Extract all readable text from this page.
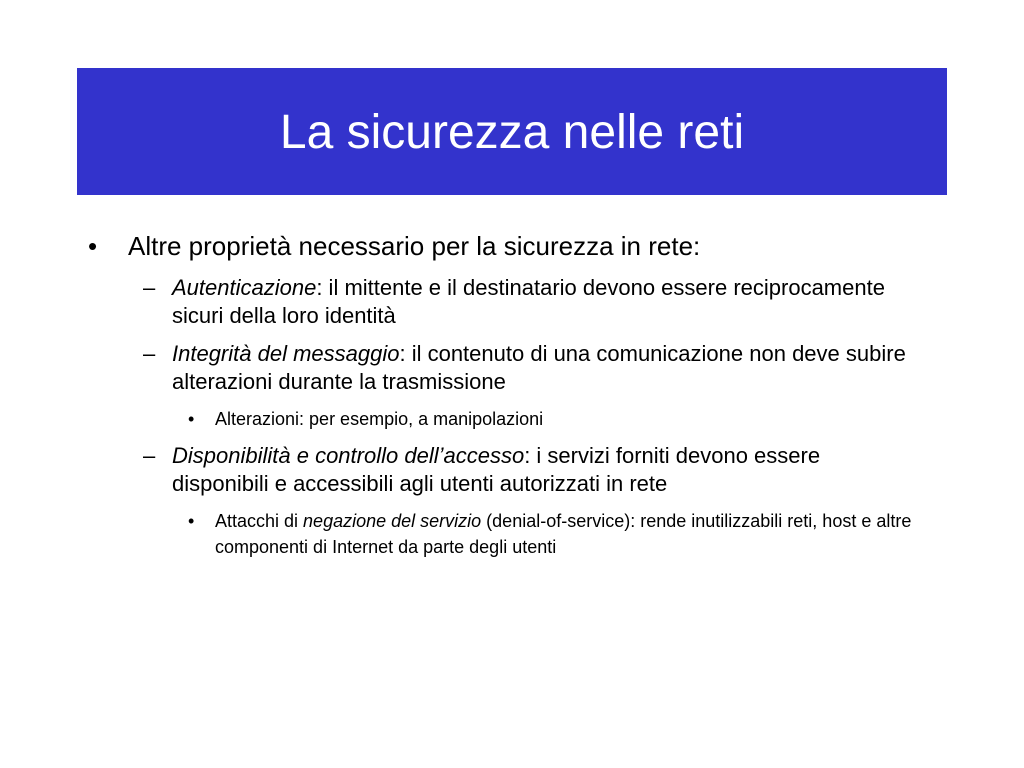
La sicurezza nelle reti
• Altre proprietà necessario per la sicurezza in rete:
– Autenticazione: il mittente e il destinatario devono essere reciprocamente sicuri della loro identità
– Integrità del messaggio: il contenuto di una comunicazione non deve subire alterazioni durante la trasmissione
• Alterazioni: per esempio, a manipolazioni
– Disponibilità e controllo dell’accesso: i servizi forniti devono essere disponibili e accessibili agli utenti autorizzati in rete
• Attacchi di negazione del servizio (denial-of-service): rende inutilizzabili reti, host e altre componenti di Internet da parte degli utenti
